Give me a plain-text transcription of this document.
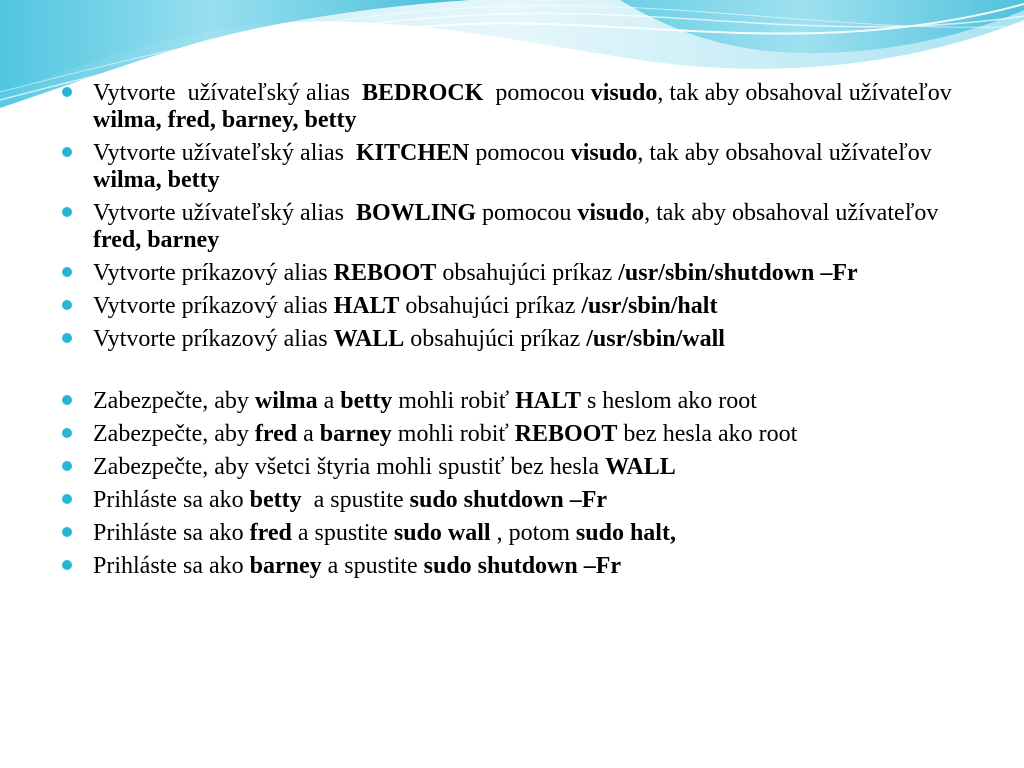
Vytvorte  užívateľský alias  BEDROCK  pomocou visudo, tak aby obsahoval užívateľov wilma, fred, barney, betty
Vytvorte užívateľský alias  KITCHEN pomocou visudo, tak aby obsahoval užívateľov wilma, betty
Vytvorte užívateľský alias  BOWLING pomocou visudo, tak aby obsahoval užívateľov fred, barney
Vytvorte príkazový alias REBOOT obsahujúci príkaz /usr/sbin/shutdown –Fr
Vytvorte príkazový alias HALT obsahujúci príkaz /usr/sbin/halt
Vytvorte príkazový alias WALL obsahujúci príkaz /usr/sbin/wall
Zabezpečte, aby wilma a betty mohli robiť HALT s heslom ako root
Zabezpečte, aby fred a barney mohli robiť REBOOT bez hesla ako root
Zabezpečte, aby všetci štyria mohli spustiť bez hesla WALL
Prihláste sa ako betty  a spustite sudo shutdown –Fr
Prihláste sa ako fred a spustite sudo wall , potom sudo halt,
Prihláste sa ako barney a spustite sudo shutdown –Fr
